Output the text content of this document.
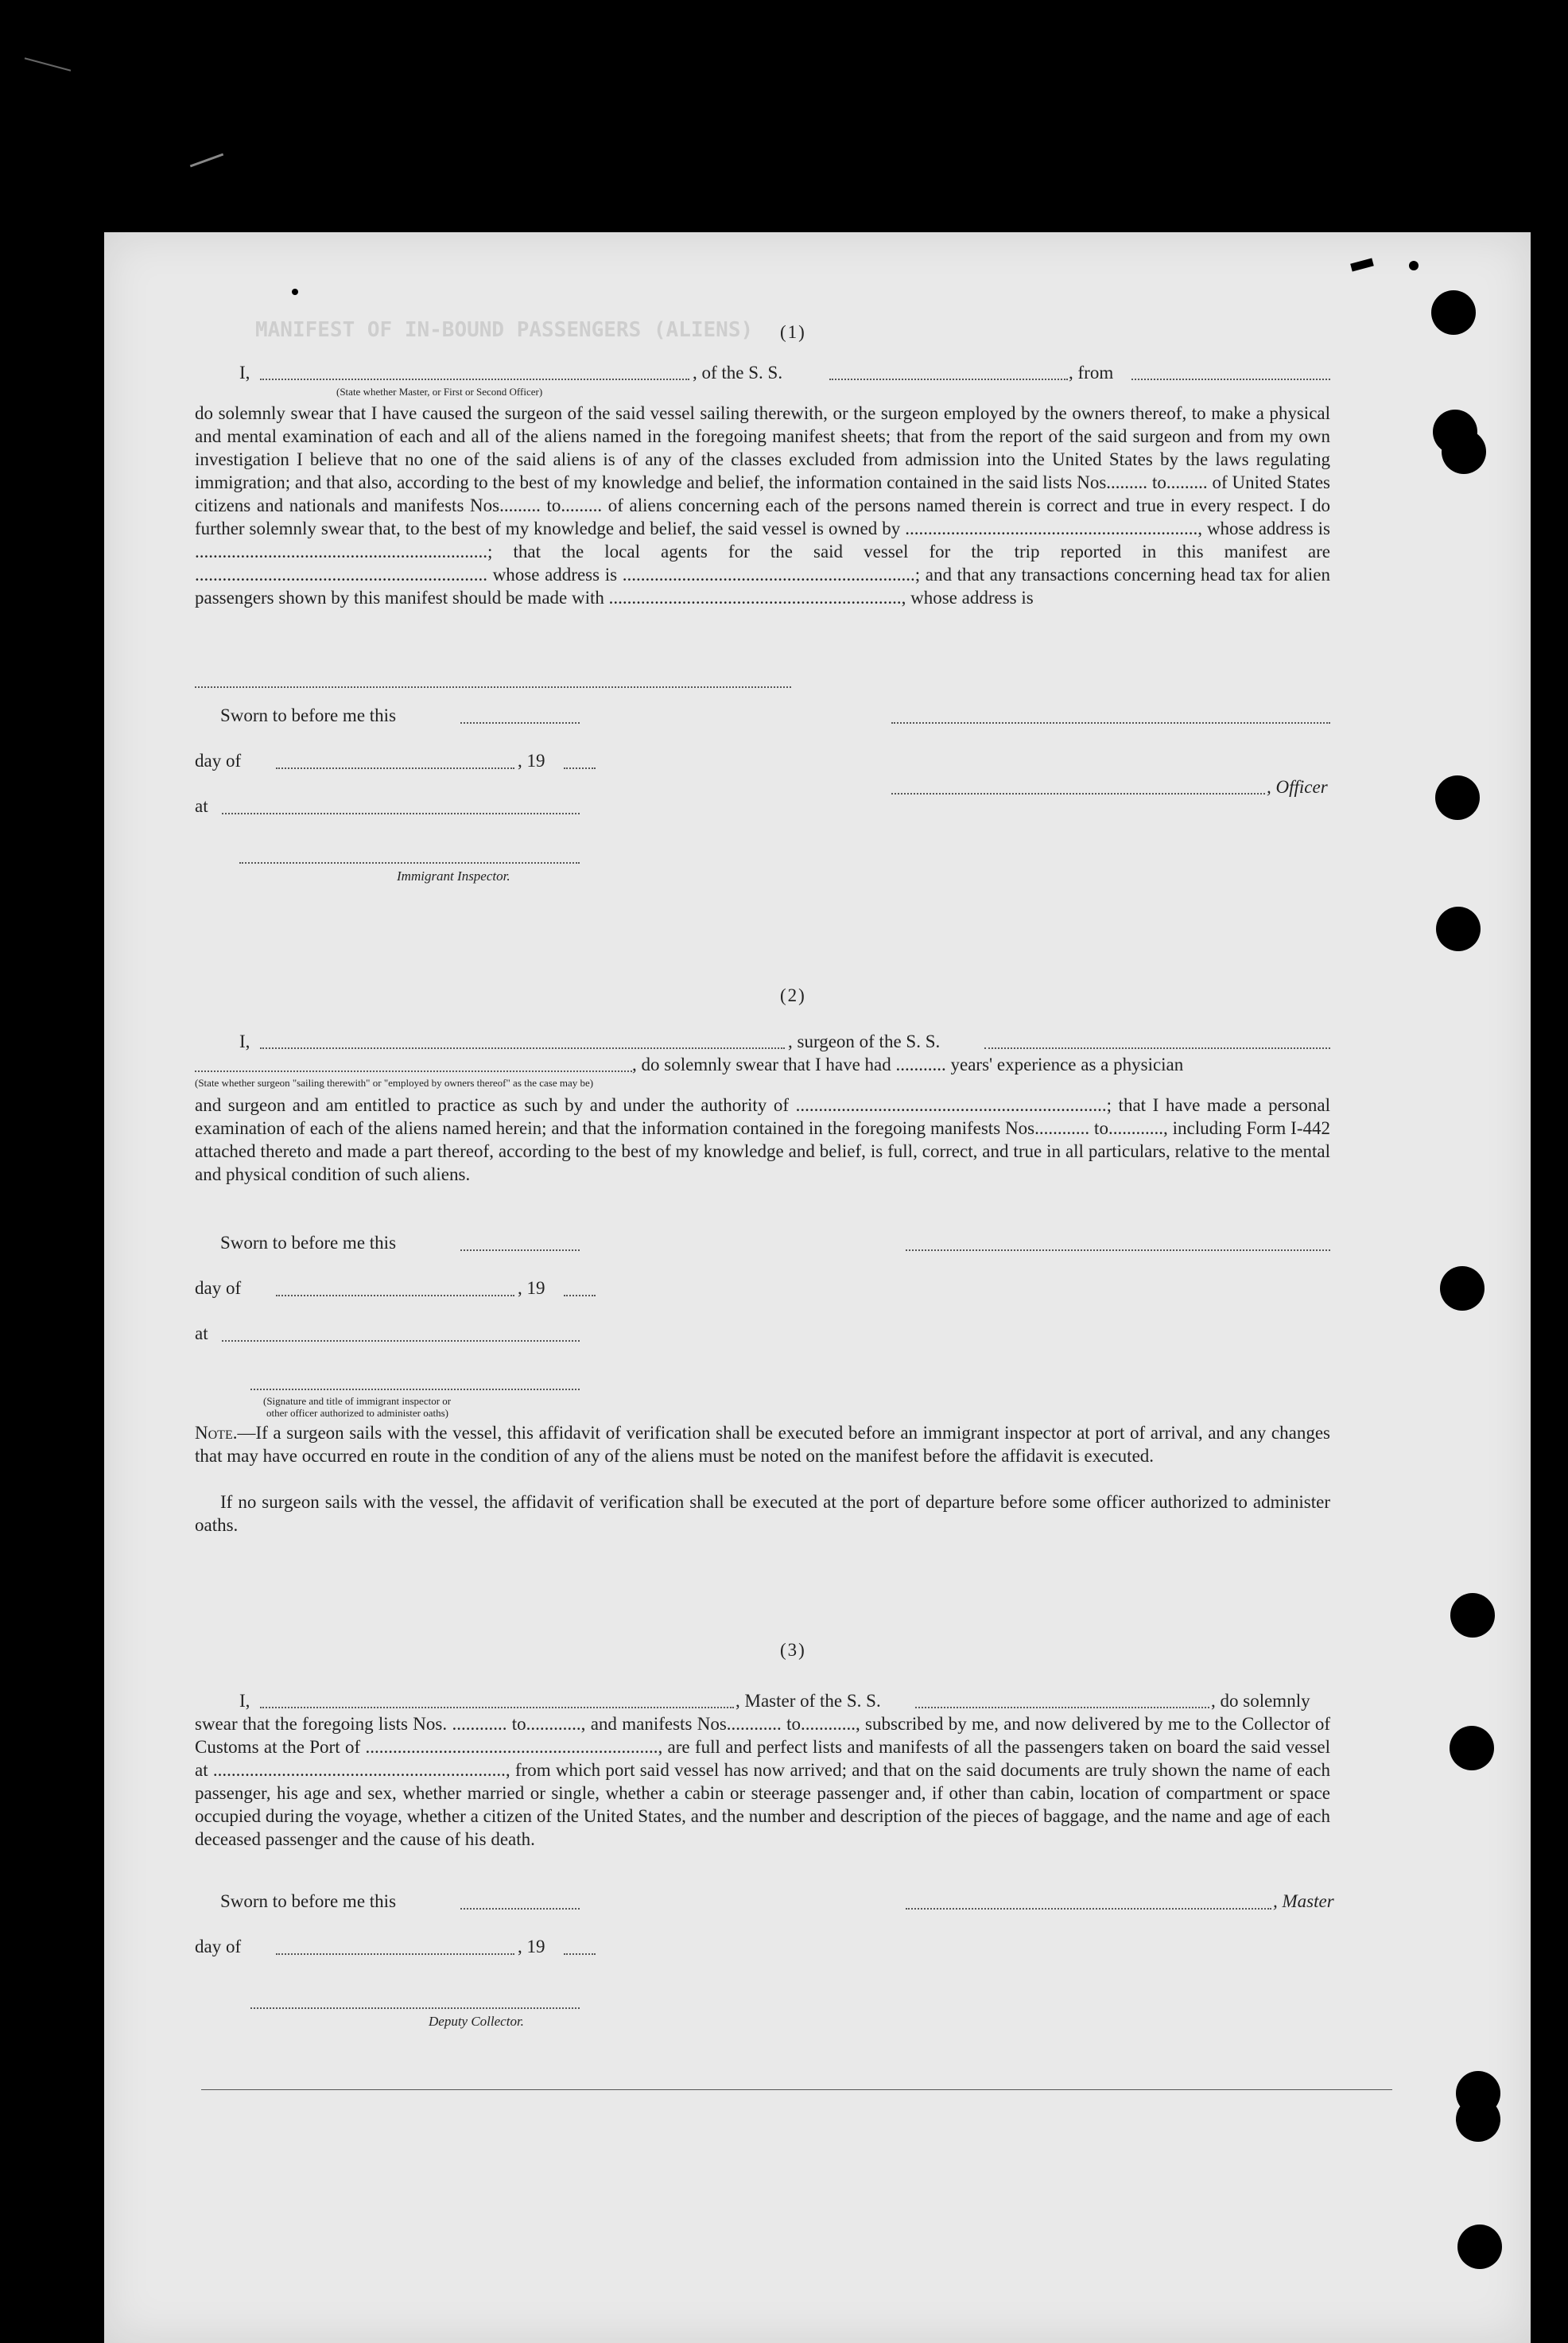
MANIFEST OF IN-BOUND PASSENGERS (ALIENS) (1)
I,	, of the S. S.	, from
(State whether Master, or First or Second Officer)
do solemnly swear that I have caused the surgeon of the said vessel sailing therewith, or the surgeon employed by the owners thereof, to make a physical and mental examination of each and all of the aliens named in the foregoing manifest sheets; that from the report of the said surgeon and from my own investigation I believe that no one of the said aliens is of any of the classes excluded from admission into the United States by the laws regulating immigration; and that also, according to the best of my knowledge and belief, the information contained in the said lists Nos......... to......... of United States citizens and nationals and manifests Nos......... to......... of aliens concerning each of the persons named therein is correct and true in every respect. I do further solemnly swear that, to the best of my knowledge and belief, the said vessel is owned by ................................................................, whose address is ................................................................; that the local agents for the said vessel for the trip reported in this manifest are ................................................................ whose address is ................................................................; and that any transactions concerning head tax for alien passengers shown by this manifest should be made with ................................................................, whose address is
Sworn to before me this
day of	, 19
, Officer
at
Immigrant Inspector.
(2)
I,	, surgeon of the S. S.
, do solemnly swear that I have had ........... years' experience as a physician
(State whether surgeon "sailing therewith" or "employed by owners thereof" as the case may be)
and surgeon and am entitled to practice as such by and under the authority of ....................................................................; that I have made a personal examination of each of the aliens named herein; and that the information contained in the foregoing manifests Nos............ to............, including Form I-442 attached thereto and made a part thereof, according to the best of my knowledge and belief, is full, correct, and true in all particulars, relative to the mental and physical condition of such aliens.
Sworn to before me this
day of	, 19
at
(Signature and title of immigrant inspector or
other officer authorized to administer oaths)
Note.—If a surgeon sails with the vessel, this affidavit of verification shall be executed before an immigrant inspector at port of arrival, and any changes that may have occurred en route in the condition of any of the aliens must be noted on the manifest before the affidavit is executed.
If no surgeon sails with the vessel, the affidavit of verification shall be executed at the port of departure before some officer authorized to administer oaths.
(3)
I,	, Master of the S. S.	, do solemnly
swear that the foregoing lists Nos. ............ to............, and manifests Nos............ to............, subscribed by me, and now delivered by me to the Collector of Customs at the Port of ................................................................, are full and perfect lists and manifests of all the passengers taken on board the said vessel at ................................................................, from which port said vessel has now arrived; and that on the said documents are truly shown the name of each passenger, his age and sex, whether married or single, whether a cabin or steerage passenger and, if other than cabin, location of compartment or space occupied during the voyage, whether a citizen of the United States, and the number and description of the pieces of baggage, and the name and age of each deceased passenger and the cause of his death.
Sworn to before me this	, Master
day of	, 19
Deputy Collector.
